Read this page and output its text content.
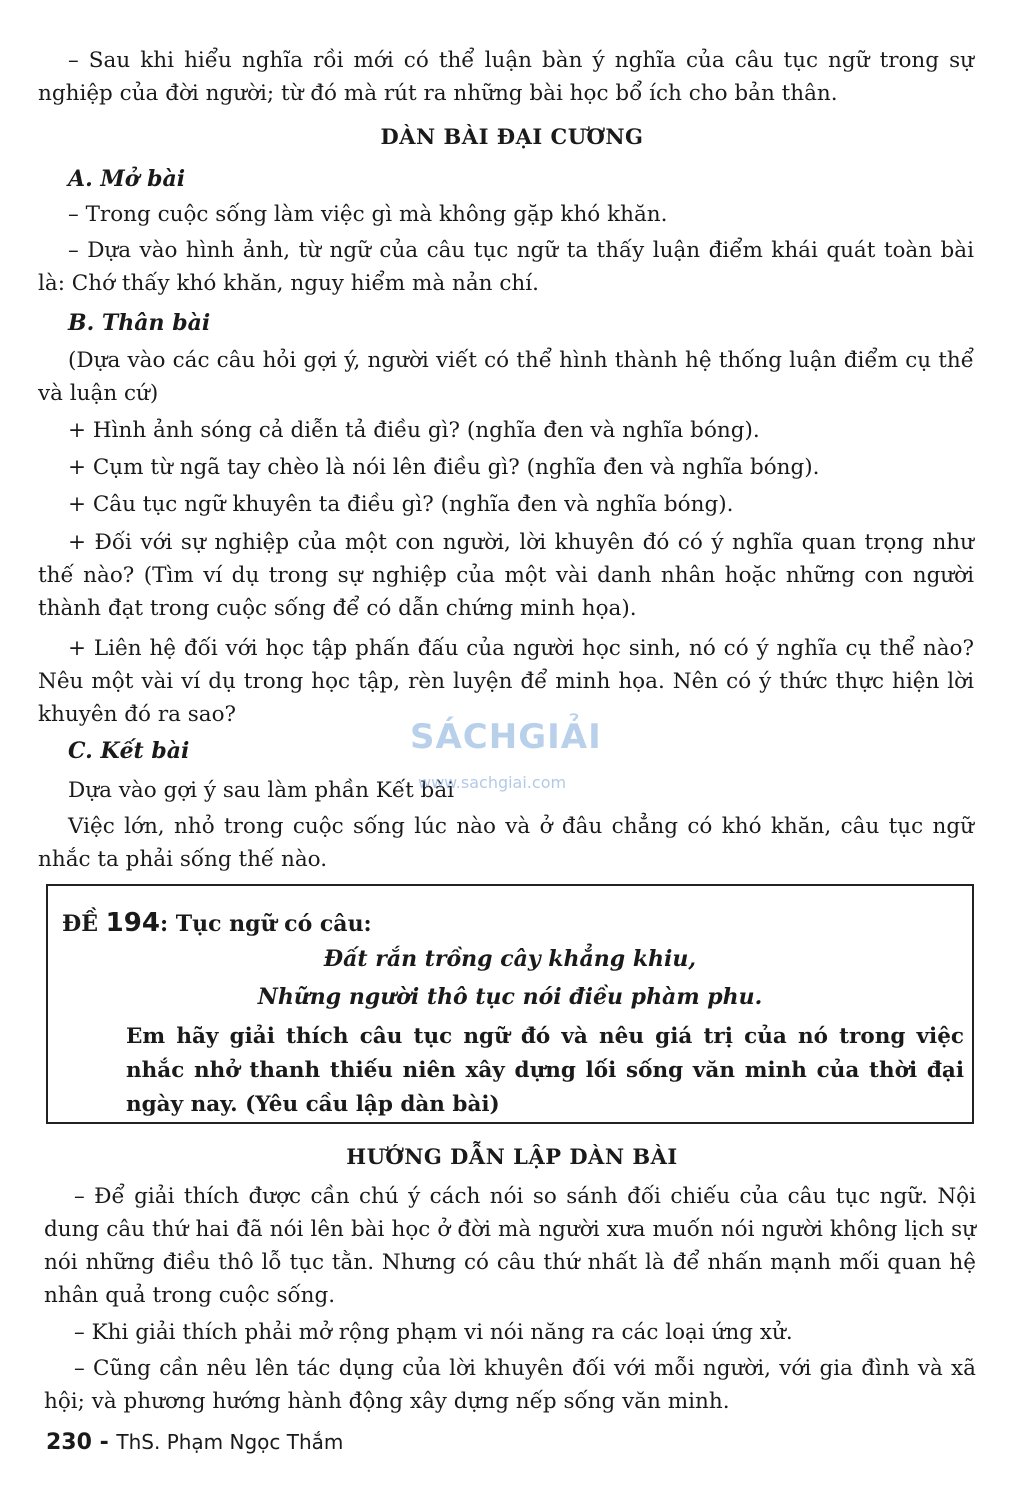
– Sau khi hiểu nghĩa rồi mới có thể luận bàn ý nghĩa của câu tục ngữ trong sự nghiệp của đời người; từ đó mà rút ra những bài học bổ ích cho bản thân.

DÀN BÀI ĐẠI CƯƠNG
A. Mở bài

– Trong cuộc sống làm việc gì mà không gặp khó khăn.

– Dựa vào hình ảnh, từ ngữ của câu tục ngữ ta thấy luận điểm khái quát toàn bài là: Chớ thấy khó khăn, nguy hiểm mà nản chí.

B. Thân bài

(Dựa vào các câu hỏi gợi ý, người viết có thể hình thành hệ thống luận điểm cụ thể và luận cứ)

+ Hình ảnh sóng cả diễn tả điều gì? (nghĩa đen và nghĩa bóng).

+ Cụm từ ngã tay chèo là nói lên điều gì? (nghĩa đen và nghĩa bóng).

+ Câu tục ngữ khuyên ta điều gì? (nghĩa đen và nghĩa bóng).

+ Đối với sự nghiệp của một con người, lời khuyên đó có ý nghĩa quan trọng như thế nào? (Tìm ví dụ trong sự nghiệp của một vài danh nhân hoặc những con người thành đạt trong cuộc sống để có dẫn chứng minh họa).

+ Liên hệ đối với học tập phấn đấu của người học sinh, nó có ý nghĩa cụ thể nào? Nêu một vài ví dụ trong học tập, rèn luyện để minh họa. Nên có ý thức thực hiện lời khuyên đó ra sao?

C. Kết bài

Dựa vào gợi ý sau làm phần Kết bài

Việc lớn, nhỏ trong cuộc sống lúc nào và ở đâu chẳng có khó khăn, câu tục ngữ nhắc ta phải sống thế nào.

SÁCHGIẢI
www.sachgiai.com
ĐỀ 194: Tục ngữ có câu:
Đất rắn trồng cây khẳng khiu,
Những người thô tục nói điều phàm phu.
Em hãy giải thích câu tục ngữ đó và nêu giá trị của nó trong việc nhắc nhở thanh thiếu niên xây dựng lối sống văn minh của thời đại ngày nay. (Yêu cầu lập dàn bài)
HƯỚNG DẪN LẬP DÀN BÀI

– Để giải thích được cần chú ý cách nói so sánh đối chiếu của câu tục ngữ. Nội dung câu thứ hai đã nói lên bài học ở đời mà người xưa muốn nói người không lịch sự nói những điều thô lỗ tục tằn. Nhưng có câu thứ nhất là để nhấn mạnh mối quan hệ nhân quả trong cuộc sống.

– Khi giải thích phải mở rộng phạm vi nói năng ra các loại ứng xử.

– Cũng cần nêu lên tác dụng của lời khuyên đối với mỗi người, với gia đình và xã hội; và phương hướng hành động xây dựng nếp sống văn minh.

230 - ThS. Phạm Ngọc Thắm
